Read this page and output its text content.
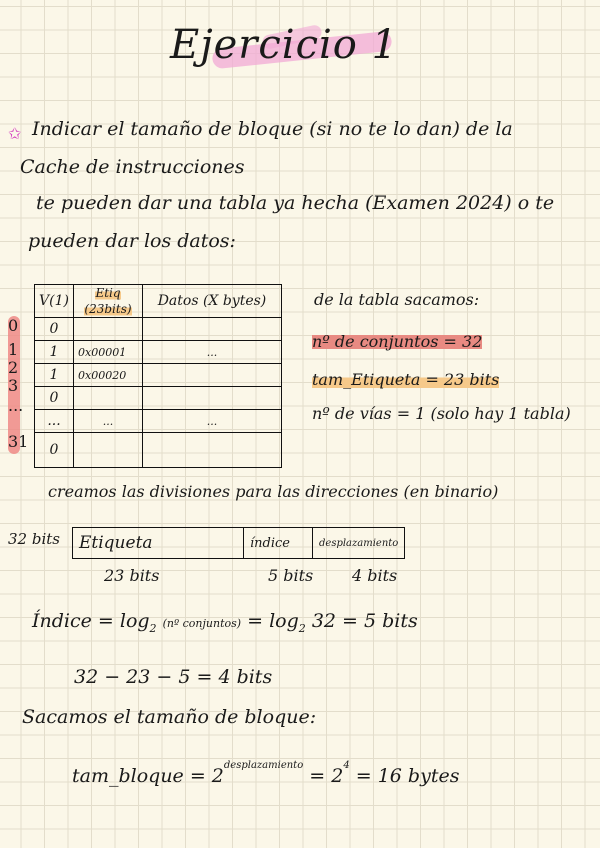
Ejercicio 1
✩ Indicar el tamaño de bloque (si no te lo dan) de la
Cache de instrucciones
te pueden dar una tabla ya hecha (Examen 2024) o te
pueden dar los datos:
0
1
2
3
...
31
V(1)	Etiq (23bits)	Datos (X bytes)
0		
1	0x00001	...
1	0x00020	
0		
...	...	...
0		
de la tabla sacamos:
nº de conjuntos = 32
tam_Etiqueta = 23 bits
nº de vías = 1 (solo hay 1 tabla)
creamos las divisiones para las direcciones (en binario)
32 bits Etiqueta	índice	desplazamiento
23 bits	5 bits 4 bits
Índice = $\log_2$ (nº conjuntos) = $\log_2 32 = 5$ bits
32 − 23 − 5 = 4 bits
Sacamos el tamaño de bloque:
tam_bloque = $2^{desplazamiento} = 2^4 = 16$ bytes
